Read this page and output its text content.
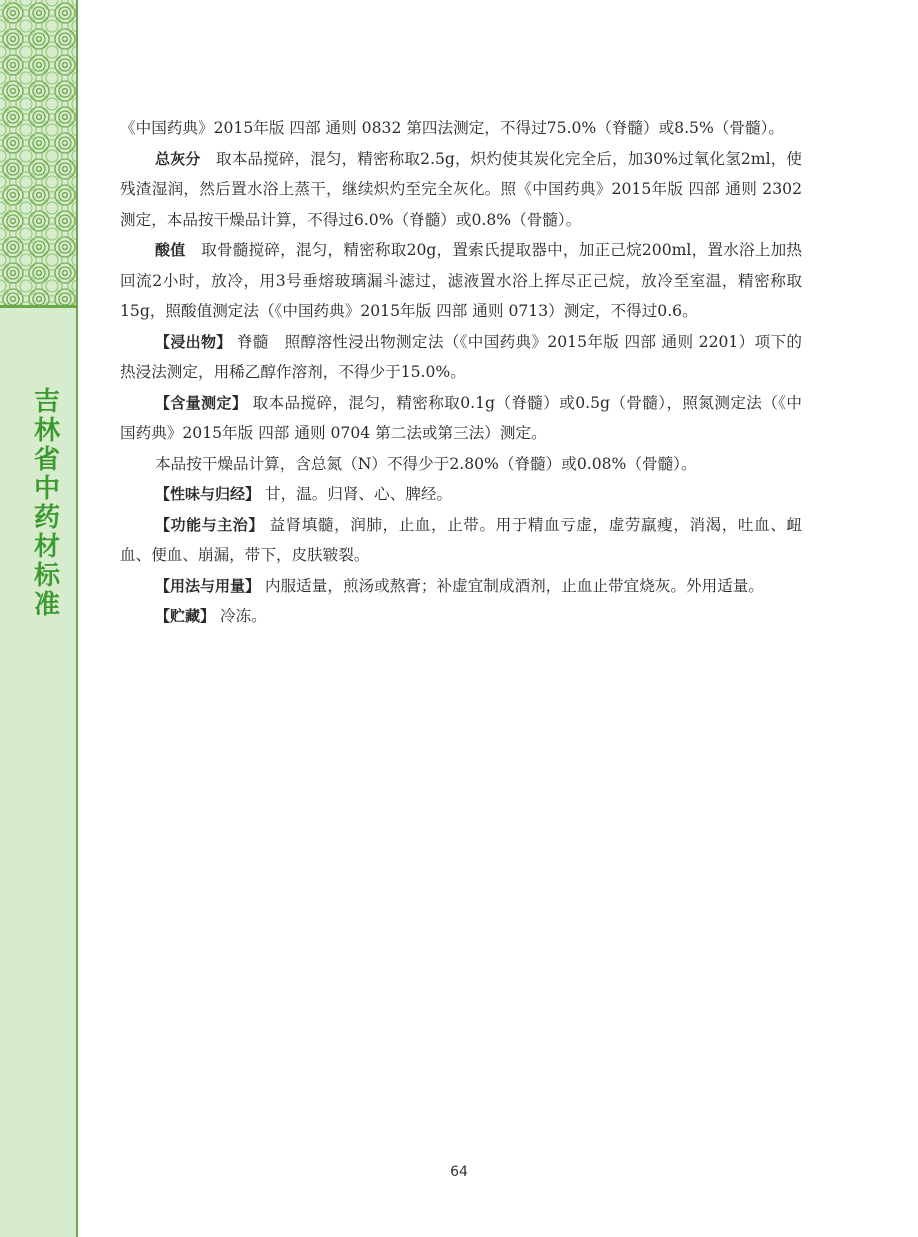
吉林省中药材标准

《中国药典》2015年版 四部 通则 0832 第四法测定，不得过75.0%（脊髓）或8.5%（骨髓）。

总灰分　取本品搅碎，混匀，精密称取2.5g，炽灼使其炭化完全后，加30%过氧化氢2ml，使残渣湿润，然后置水浴上蒸干，继续炽灼至完全灰化。照《中国药典》2015年版 四部 通则 2302测定，本品按干燥品计算，不得过6.0%（脊髓）或0.8%（骨髓）。

酸值　取骨髓搅碎，混匀，精密称取20g，置索氏提取器中，加正己烷200ml，置水浴上加热回流2小时，放冷，用3号垂熔玻璃漏斗滤过，滤液置水浴上挥尽正己烷，放冷至室温，精密称取15g，照酸值测定法（《中国药典》2015年版 四部 通则 0713）测定，不得过0.6。

【浸出物】 脊髓　照醇溶性浸出物测定法（《中国药典》2015年版 四部 通则 2201）项下的热浸法测定，用稀乙醇作溶剂，不得少于15.0%。

【含量测定】 取本品搅碎，混匀，精密称取0.1g（脊髓）或0.5g（骨髓），照氮测定法（《中国药典》2015年版 四部 通则 0704 第二法或第三法）测定。

本品按干燥品计算，含总氮（N）不得少于2.80%（脊髓）或0.08%（骨髓）。

【性味与归经】 甘，温。归肾、心、脾经。

【功能与主治】 益肾填髓，润肺，止血，止带。用于精血亏虚，虚劳羸瘦，消渴，吐血、衄血、便血、崩漏，带下，皮肤皲裂。

【用法与用量】 内服适量，煎汤或熬膏；补虚宜制成酒剂，止血止带宜烧灰。外用适量。

【贮藏】 冷冻。

64
